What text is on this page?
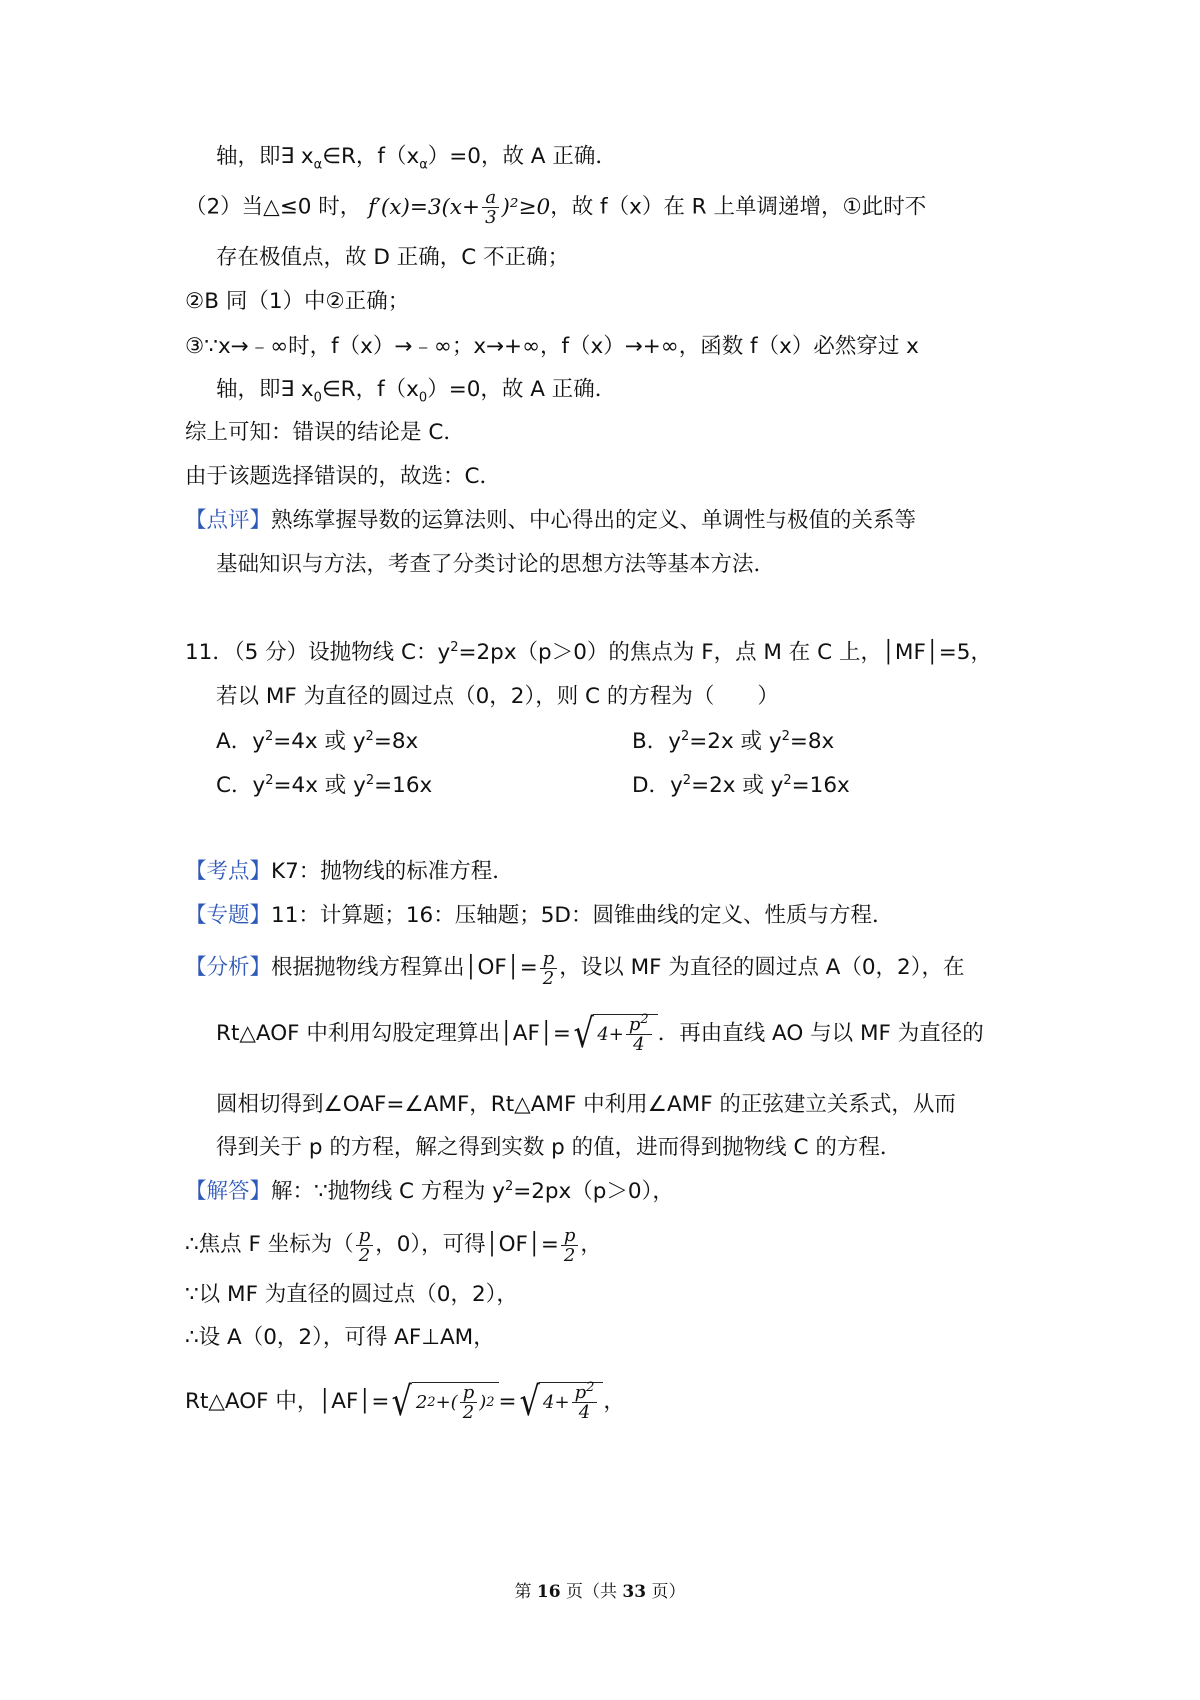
轴，即∃ $x_\alpha\in R$，$f(x_\alpha)=0$，故 A 正确．
（2）当△≤0 时， $f'(x)=3(x+ \frac{a}{3} )^2\ge 0$，故 f（x）在 R 上单调递增，①此时不
存在极值点，故 D 正确，C 不正确；
②B 同（1）中②正确；
③∵x→﹣∞时，f（x）→﹣∞；x→+∞，f（x）→+∞，函数 f（x）必然穿过 x
轴，即∃ $x_0\in R$，$f(x_0)=0$，故 A 正确．
综上可知：错误的结论是 C．
由于该题选择错误的，故选：C．
【点评】熟练掌握导数的运算法则、中心得出的定义、单调性与极值的关系等
基础知识与方法，考查了分类讨论的思想方法等基本方法．
11．（5 分）设抛物线 C：$y^2=2px(p>0)$的焦点为 F，点 M 在 C 上，│MF│=5，
若以 MF 为直径的圆过点（0，2），则 C 的方程为（　　）
A．$y^2=4x$ 或 $y^2=8x$	B．$y^2=2x$ 或 $y^2=8x$
C．$y^2=4x$ 或 $y^2=16x$	D．$y^2=2x$ 或 $y^2=16x$
【考点】K7：抛物线的标准方程．
【专题】11：计算题；16：压轴题；5D：圆锥曲线的定义、性质与方程．
【分析】 根据抛物线方程算出│OF│= $\frac{p}{2}$ ，设以 MF 为直径的圆过点 A（0，2），在
Rt△AOF 中利用勾股定理算出│AF│= √ $4+ \frac{p^2}{4}$ ．再由直线 AO 与以 MF 为直径的
圆相切得到∠OAF=∠AMF，Rt△AMF 中利用∠AMF 的正弦建立关系式，从而
得到关于 p 的方程，解之得到实数 p 的值，进而得到抛物线 C 的方程．
【解答】解：∵抛物线 C 方程为 $y^2=2px(p>0)$，
∴焦点 F 坐标为（ $\frac{p}{2}$ ，0），可得│OF│= $\frac{p}{2}$ ，
∵以 MF 为直径的圆过点（0，2），
∴设 A（0，2），可得 AF⊥AM，
Rt△AOF 中，│AF│= √ 2 2 +( $\frac{p}{2}$ ) 2 = √ $4+ \frac{p^2}{4}$ ，
第 16 页（共 33 页）
